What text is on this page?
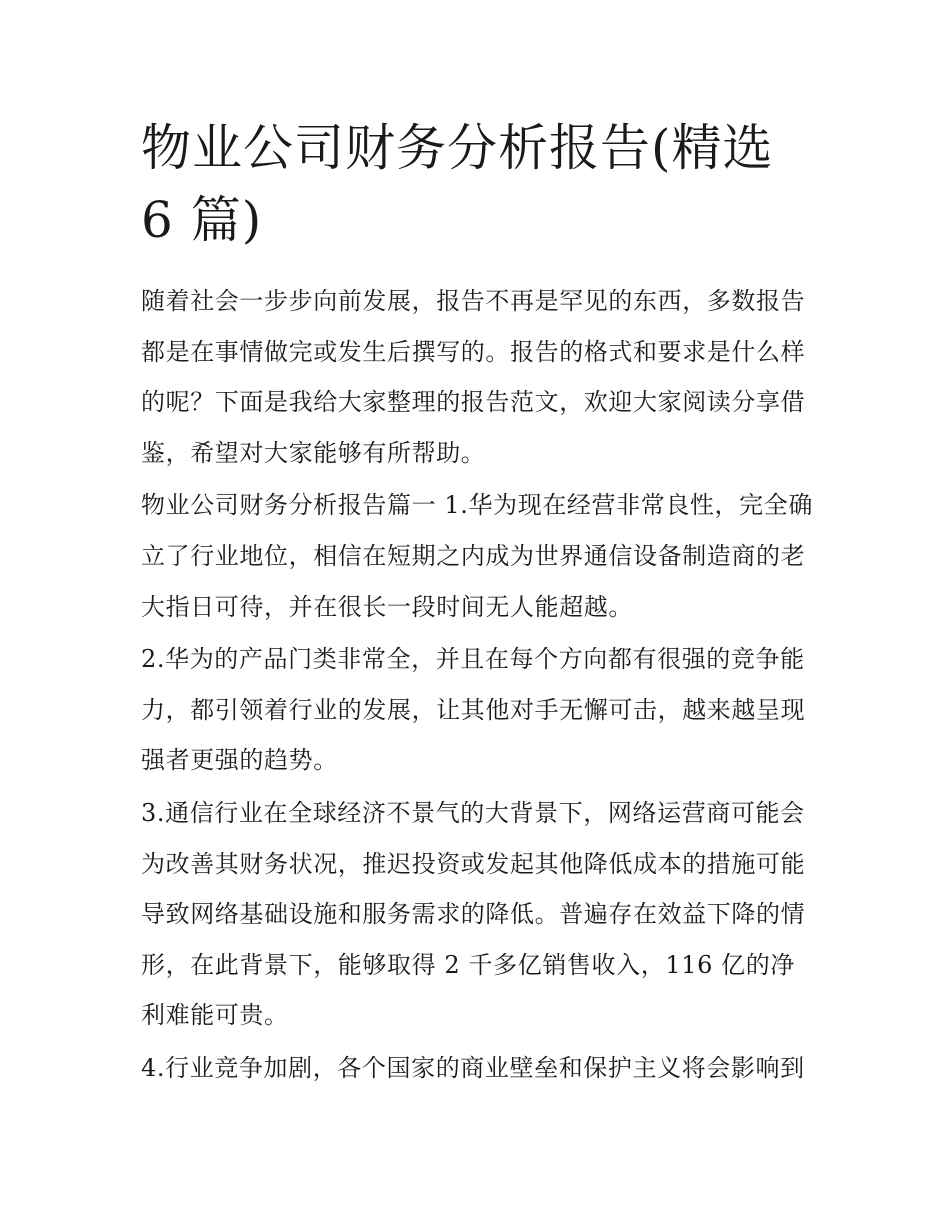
物业公司财务分析报告(精选 6 篇)

随着社会一步步向前发展，报告不再是罕见的东西，多数报告都是在事情做完或发生后撰写的。报告的格式和要求是什么样的呢？下面是我给大家整理的报告范文，欢迎大家阅读分享借鉴，希望对大家能够有所帮助。

物业公司财务分析报告篇一 1.华为现在经营非常良性，完全确立了行业地位，相信在短期之内成为世界通信设备制造商的老大指日可待，并在很长一段时间无人能超越。

2.华为的产品门类非常全，并且在每个方向都有很强的竞争能力，都引领着行业的发展，让其他对手无懈可击，越来越呈现强者更强的趋势。

3.通信行业在全球经济不景气的大背景下，网络运营商可能会为改善其财务状况，推迟投资或发起其他降低成本的措施可能导致网络基础设施和服务需求的降低。普遍存在效益下降的情形，在此背景下，能够取得 2 千多亿销售收入，116 亿的净利难能可贵。

4.行业竞争加剧，各个国家的商业壁垒和保护主义将会影响到
